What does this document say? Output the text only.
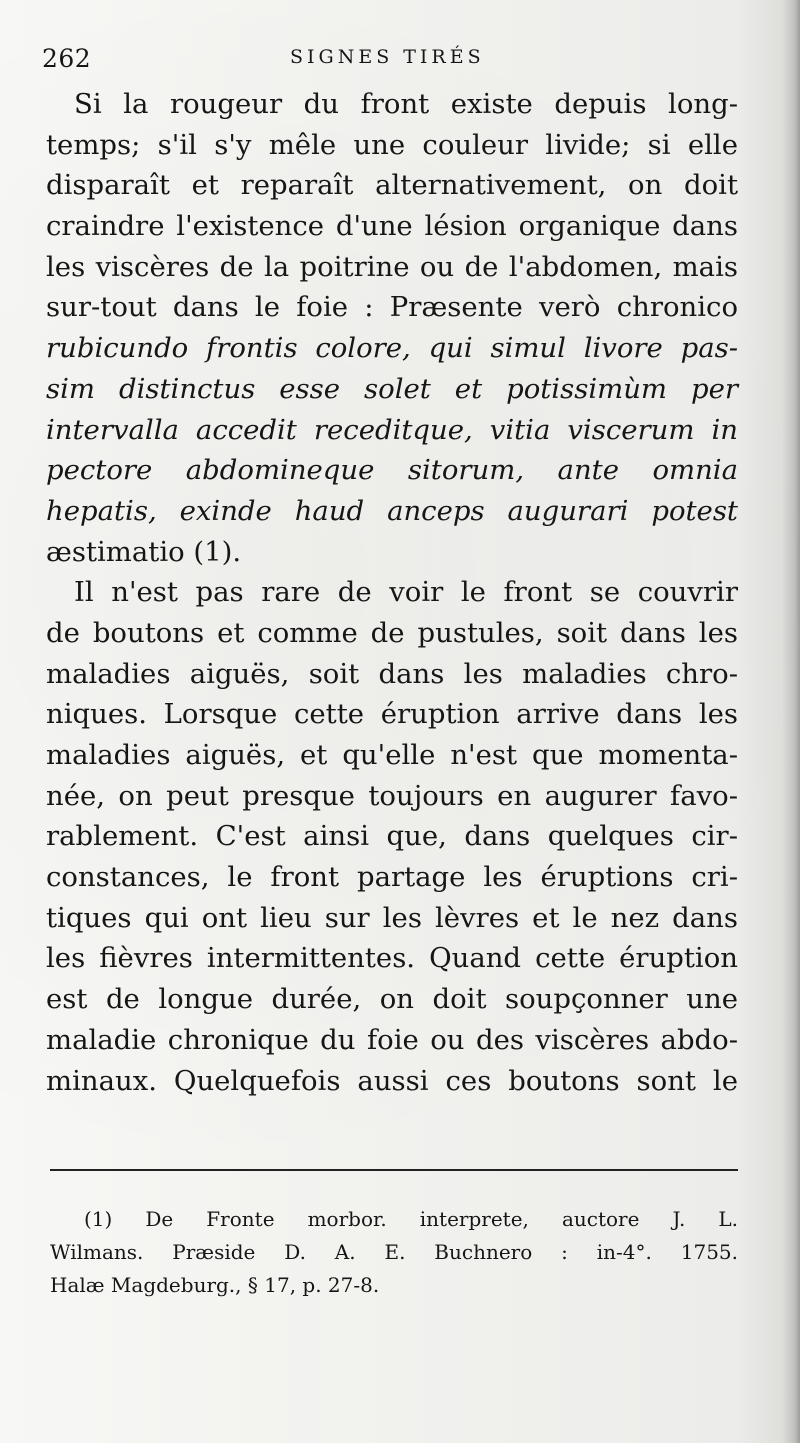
262	SIGNES TIRÉS
Si la rougeur du front existe depuis long-
temps; s'il s'y mêle une couleur livide; si elle
disparaît et reparaît alternativement, on doit
craindre l'existence d'une lésion organique dans
les viscères de la poitrine ou de l'abdomen, mais
sur-tout dans le foie : Præsente verò chronico
rubicundo frontis colore, qui simul livore pas-
sim distinctus esse solet et potissimùm per
intervalla accedit receditque, vitia viscerum in
pectore abdomineque sitorum, ante omnia
hepatis, exinde haud anceps augurari potest
æstimatio (1).
Il n'est pas rare de voir le front se couvrir
de boutons et comme de pustules, soit dans les
maladies aiguës, soit dans les maladies chro-
niques. Lorsque cette éruption arrive dans les
maladies aiguës, et qu'elle n'est que momenta-
née, on peut presque toujours en augurer favo-
rablement. C'est ainsi que, dans quelques cir-
constances, le front partage les éruptions cri-
tiques qui ont lieu sur les lèvres et le nez dans
les fièvres intermittentes. Quand cette éruption
est de longue durée, on doit soupçonner une
maladie chronique du foie ou des viscères abdo-
minaux. Quelquefois aussi ces boutons sont le
(1) De Fronte morbor. interprete, auctore J. L.
Wilmans. Præside D. A. E. Buchnero : in-4°. 1755.
Halæ Magdeburg., § 17, p. 27-8.
